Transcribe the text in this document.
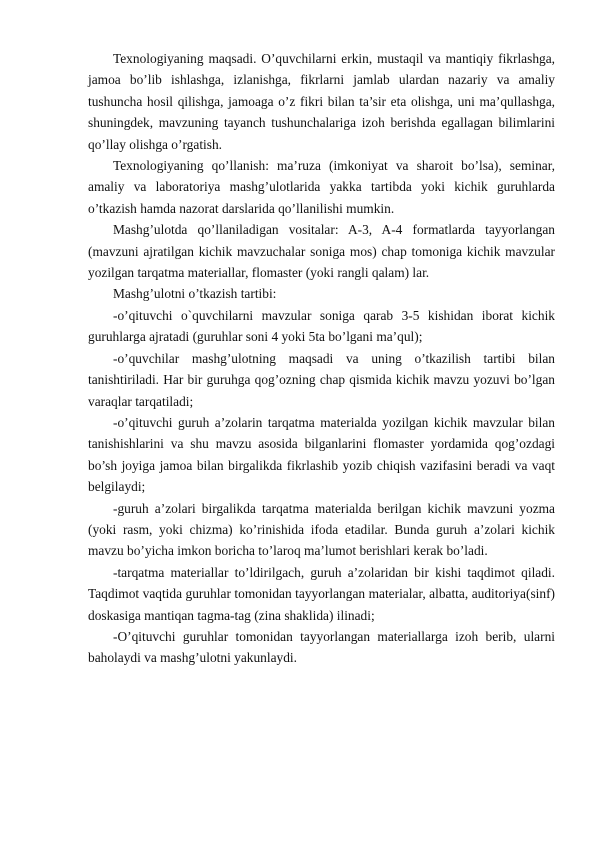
Texnologiyaning maqsadi. O’quvchilarni erkin, mustaqil va mantiqiy fikrlashga, jamoa bo’lib ishlashga, izlanishga, fikrlarni jamlab ulardan nazariy va amaliy tushuncha hosil qilishga, jamoaga o’z fikri bilan ta’sir eta olishga, uni ma’qullashga, shuningdek, mavzuning tayanch tushunchalariga izoh berishda egallagan bilimlarini qo’llay olishga o’rgatish.

Texnologiyaning qo’llanish: ma’ruza (imkoniyat va sharoit bo’lsa), seminar, amaliy va laboratoriya mashg’ulotlarida yakka tartibda yoki kichik guruhlarda o’tkazish hamda nazorat darslarida qo’llanilishi mumkin.

Mashg’ulotda qo’llaniladigan vositalar: A-3, A-4 formatlarda tayyorlangan (mavzuni ajratilgan kichik mavzuchalar soniga mos) chap tomoniga kichik mavzular yozilgan tarqatma materiallar, flomaster (yoki rangli qalam) lar.

Mashg’ulotni o’tkazish tartibi:

-o’qituvchi o`quvchilarni mavzular soniga qarab 3-5 kishidan iborat kichik guruhlarga ajratadi (guruhlar soni 4 yoki 5ta bo’lgani ma’qul);

-o’quvchilar mashg’ulotning maqsadi va uning o’tkazilish tartibi bilan tanishtiriladi. Har bir guruhga qog’ozning chap qismida kichik mavzu yozuvi bo’lgan varaqlar tarqatiladi;

-o’qituvchi guruh a’zolarin tarqatma materialda yozilgan kichik mavzular bilan tanishishlarini va shu mavzu asosida bilganlarini flomaster yordamida qog’ozdagi bo’sh joyiga jamoa bilan birgalikda fikrlashib yozib chiqish vazifasini beradi va vaqt belgilaydi;

-guruh a’zolari birgalikda tarqatma materialda berilgan kichik mavzuni yozma (yoki rasm, yoki chizma) ko’rinishida ifoda etadilar. Bunda guruh a’zolari kichik mavzu bo’yicha imkon boricha to’laroq ma’lumot berishlari kerak bo’ladi.

-tarqatma materiallar to’ldirilgach, guruh a’zolaridan bir kishi taqdimot qiladi. Taqdimot vaqtida guruhlar tomonidan tayyorlangan materialar, albatta, auditoriya(sinf) doskasiga mantiqan tagma-tag (zina shaklida) ilinadi;

-O’qituvchi guruhlar tomonidan tayyorlangan materiallarga izoh berib, ularni baholaydi va mashg’ulotni yakunlaydi.
